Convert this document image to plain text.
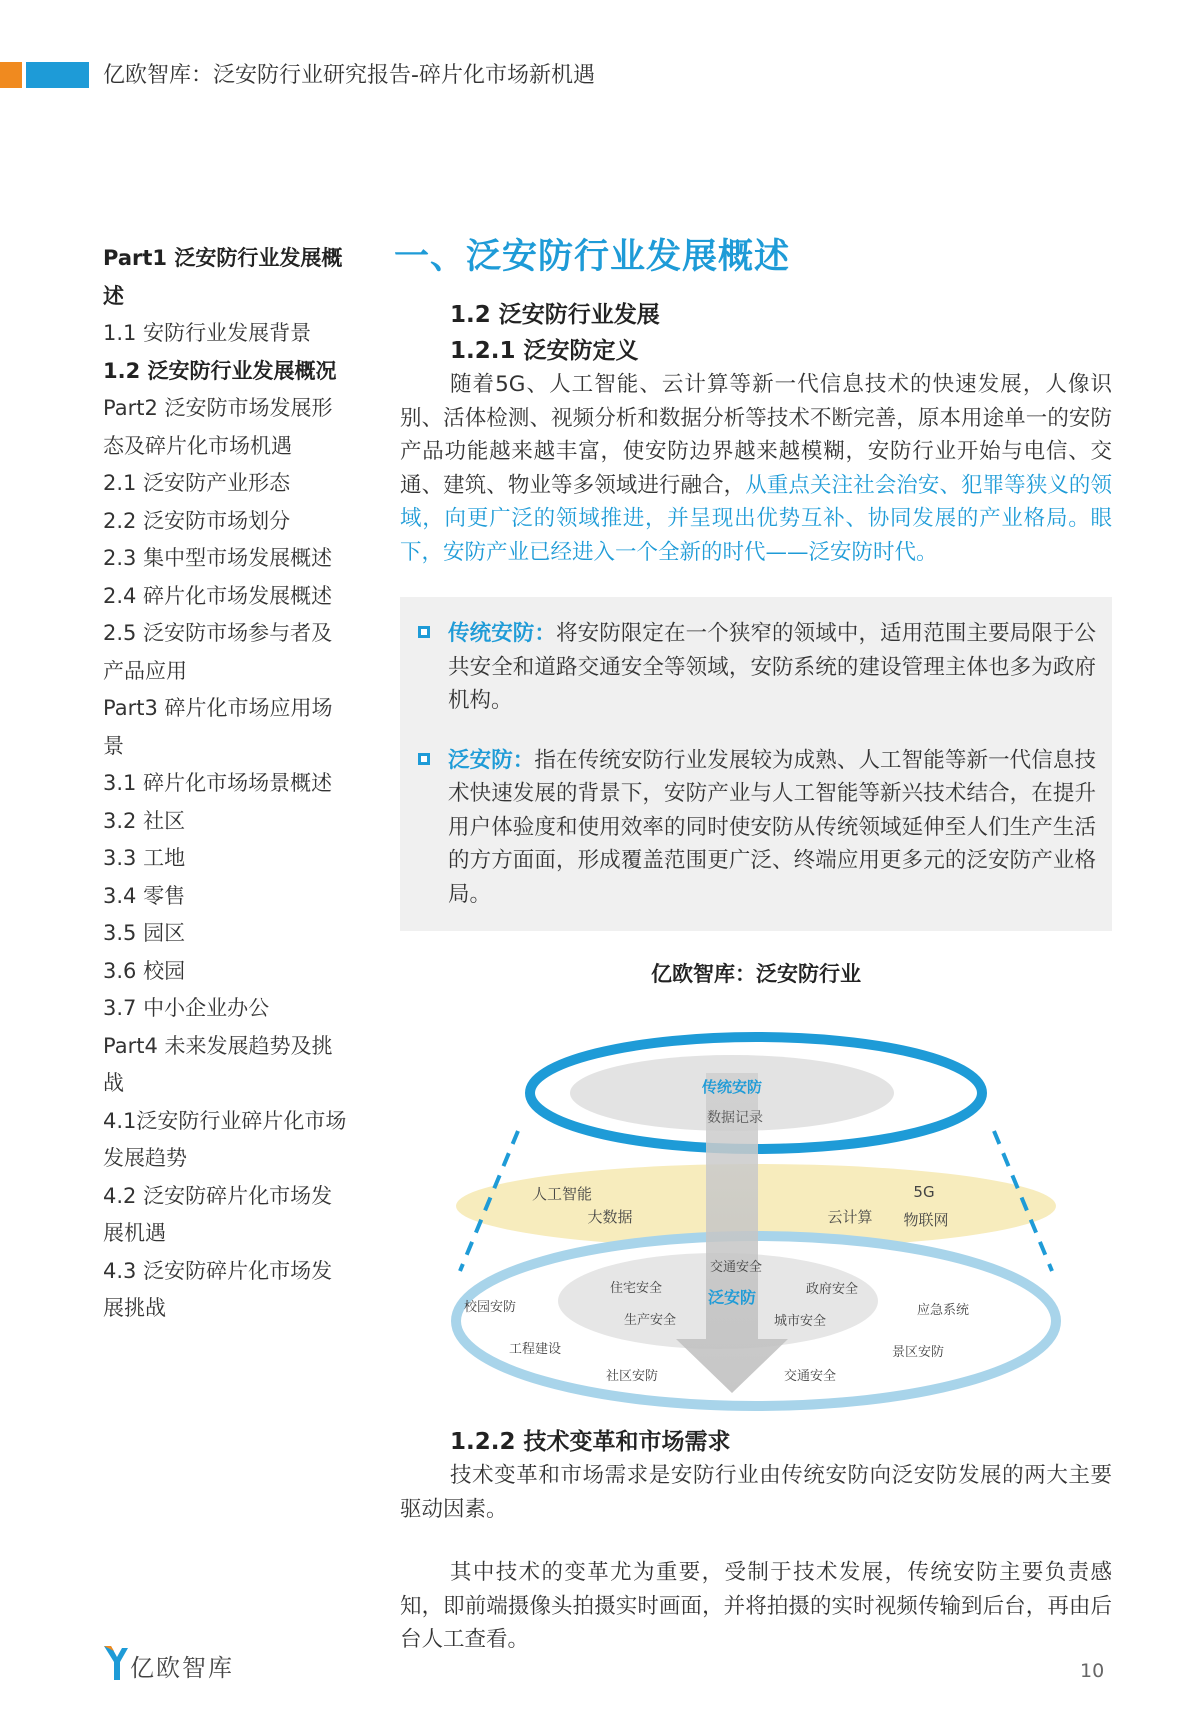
亿欧智库：泛安防行业研究报告-碎片化市场新机遇
Part1 泛安防行业发展概述
1.1 安防行业发展背景
1.2 泛安防行业发展概况
Part2 泛安防市场发展形态及碎片化市场机遇
2.1 泛安防产业形态
2.2 泛安防市场划分
2.3 集中型市场发展概述
2.4 碎片化市场发展概述
2.5 泛安防市场参与者及产品应用
Part3 碎片化市场应用场景
3.1 碎片化市场场景概述
3.2 社区
3.3 工地
3.4 零售
3.5 园区
3.6 校园
3.7 中小企业办公
Part4 未来发展趋势及挑战
4.1泛安防行业碎片化市场发展趋势
4.2 泛安防碎片化市场发展机遇
4.3 泛安防碎片化市场发展挑战
一、泛安防行业发展概述
1.2 泛安防行业发展
1.2.1 泛安防定义

随着5G、人工智能、云计算等新一代信息技术的快速发展，人像识别、活体检测、视频分析和数据分析等技术不断完善，原本用途单一的安防产品功能越来越丰富，使安防边界越来越模糊，安防行业开始与电信、交通、建筑、物业等多领域进行融合，从重点关注社会治安、犯罪等狭义的领域，向更广泛的领域推进，并呈现出优势互补、协同发展的产业格局。眼下，安防产业已经进入一个全新的时代——泛安防时代。

传统安防：将安防限定在一个狭窄的领域中，适用范围主要局限于公共安全和道路交通安全等领域，安防系统的建设管理主体也多为政府机构。
泛安防：指在传统安防行业发展较为成熟、人工智能等新一代信息技术快速发展的背景下，安防产业与人工智能等新兴技术结合，在提升用户体验度和使用效率的同时使安防从传统领域延伸至人们生产生活的方方面面，形成覆盖范围更广泛、终端应用更多元的泛安防产业格局。
亿欧智库：泛安防行业
传统安防
数据记录
人工智能
大数据	云计算
5G
物联网
泛安防
交通安全
住宅安全	政府安全
生产安全	城市安全
校园安防	应急系统
工程建设	景区安防
社区安防	交通安全
1.2.2 技术变革和市场需求

技术变革和市场需求是安防行业由传统安防向泛安防发展的两大主要驱动因素。

其中技术的变革尤为重要，受制于技术发展，传统安防主要负责感知，即前端摄像头拍摄实时画面，并将拍摄的实时视频传输到后台，再由后台人工查看。

亿欧智库	10
